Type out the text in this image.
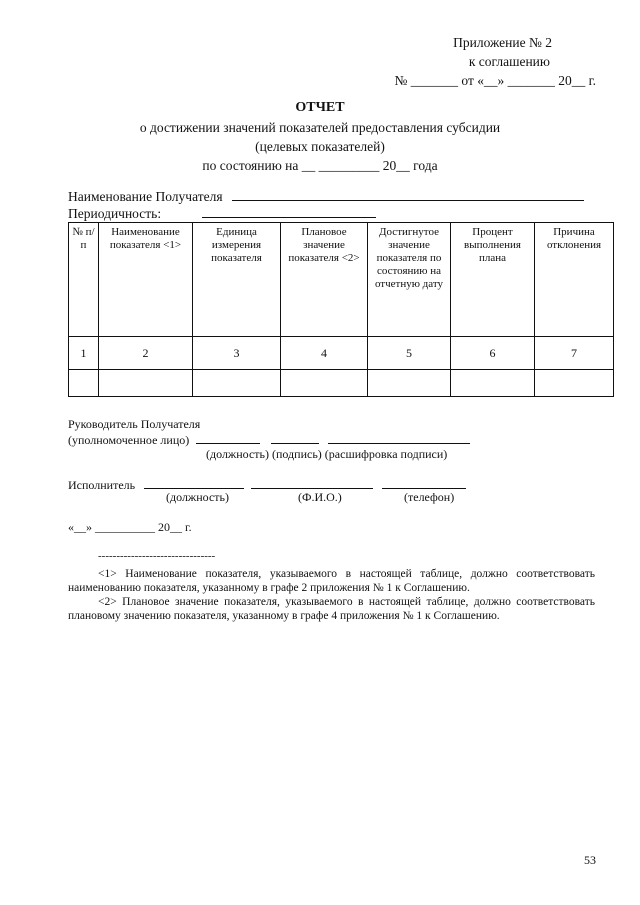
Приложение № 2
к соглашению
№ _______ от «__» _______ 20__ г.
ОТЧЕТ
о достижении значений показателей предоставления субсидии
(целевых показателей)
по состоянию на __ _________ 20__ года
Наименование Получателя
Периодичность:
№ п/п	Наименование показателя <1>	Единица измерения показателя	Плановое значение показателя <2>	Достигнутое значение показателя по состоянию на отчетную дату	Процент выполнения плана	Причина отклонения
1	2	3	4	5	6	7

Руководитель Получателя
(уполномоченное лицо)
(должность) (подпись) (расшифровка подписи)
Исполнитель
(должность)	(Ф.И.О.)	(телефон)
«__» __________ 20__ г.
--------------------------------

<1> Наименование показателя, указываемого в настоящей таблице, должно соответствовать наименованию показателя, указанному в графе 2 приложения № 1 к Соглашению.

<2> Плановое значение показателя, указываемого в настоящей таблице, должно соответствовать плановому значению показателя, указанному в графе 4 приложения № 1 к Соглашению.

53
